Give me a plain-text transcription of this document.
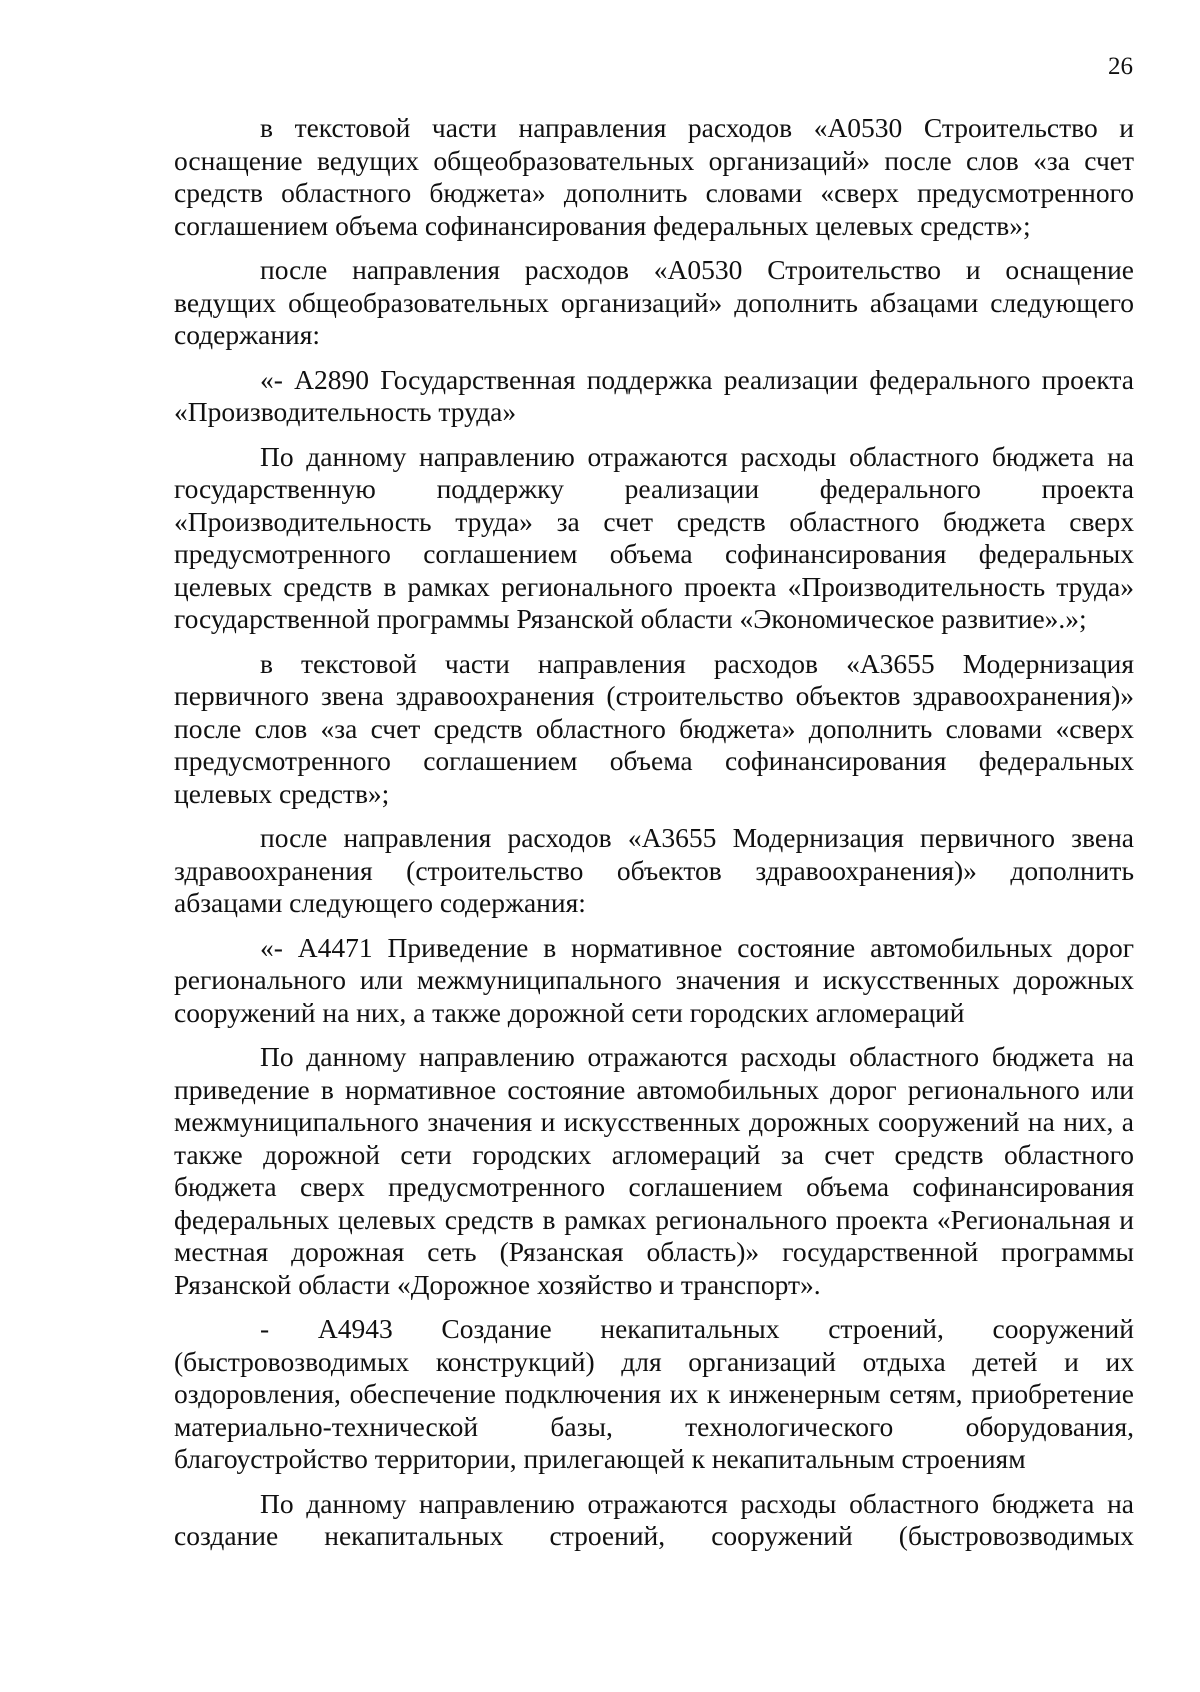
26

в текстовой части направления расходов «А0530 Строительство и оснащение ведущих общеобразовательных организаций» после слов «за счет средств областного бюджета» дополнить словами «сверх предусмотренного соглашением объема софинансирования федеральных целевых средств»;

после направления расходов «А0530 Строительство и оснащение ведущих общеобразовательных организаций» дополнить абзацами следующего содержания:

«- А2890 Государственная поддержка реализации федерального проекта «Производительность труда»

По данному направлению отражаются расходы областного бюджета на государственную поддержку реализации федерального проекта «Производительность труда» за счет средств областного бюджета сверх предусмотренного соглашением объема софинансирования федеральных целевых средств в рамках регионального проекта «Производительность труда» государственной программы Рязанской области «Экономическое развитие».»;

в текстовой части направления расходов «А3655 Модернизация первичного звена здравоохранения (строительство объектов здравоохранения)» после слов «за счет средств областного бюджета» дополнить словами «сверх предусмотренного соглашением объема софинансирования федеральных целевых средств»;

после направления расходов «А3655 Модернизация первичного звена здравоохранения (строительство объектов здравоохранения)» дополнить абзацами следующего содержания:

«- А4471 Приведение в нормативное состояние автомобильных дорог регионального или межмуниципального значения и искусственных дорожных сооружений на них, а также дорожной сети городских агломераций

По данному направлению отражаются расходы областного бюджета на приведение в нормативное состояние автомобильных дорог регионального или межмуниципального значения и искусственных дорожных сооружений на них, а также дорожной сети городских агломераций за счет средств областного бюджета сверх предусмотренного соглашением объема софинансирования федеральных целевых средств в рамках регионального проекта «Региональная и местная дорожная сеть (Рязанская область)» государственной программы Рязанской области «Дорожное хозяйство и транспорт».

- А4943 Создание некапитальных строений, сооружений (быстровозводимых конструкций) для организаций отдыха детей и их оздоровления, обеспечение подключения их к инженерным сетям, приобретение материально-технической базы, технологического оборудования, благоустройство территории, прилегающей к некапитальным строениям

По данному направлению отражаются расходы областного бюджета на создание некапитальных строений, сооружений (быстровозводимых
